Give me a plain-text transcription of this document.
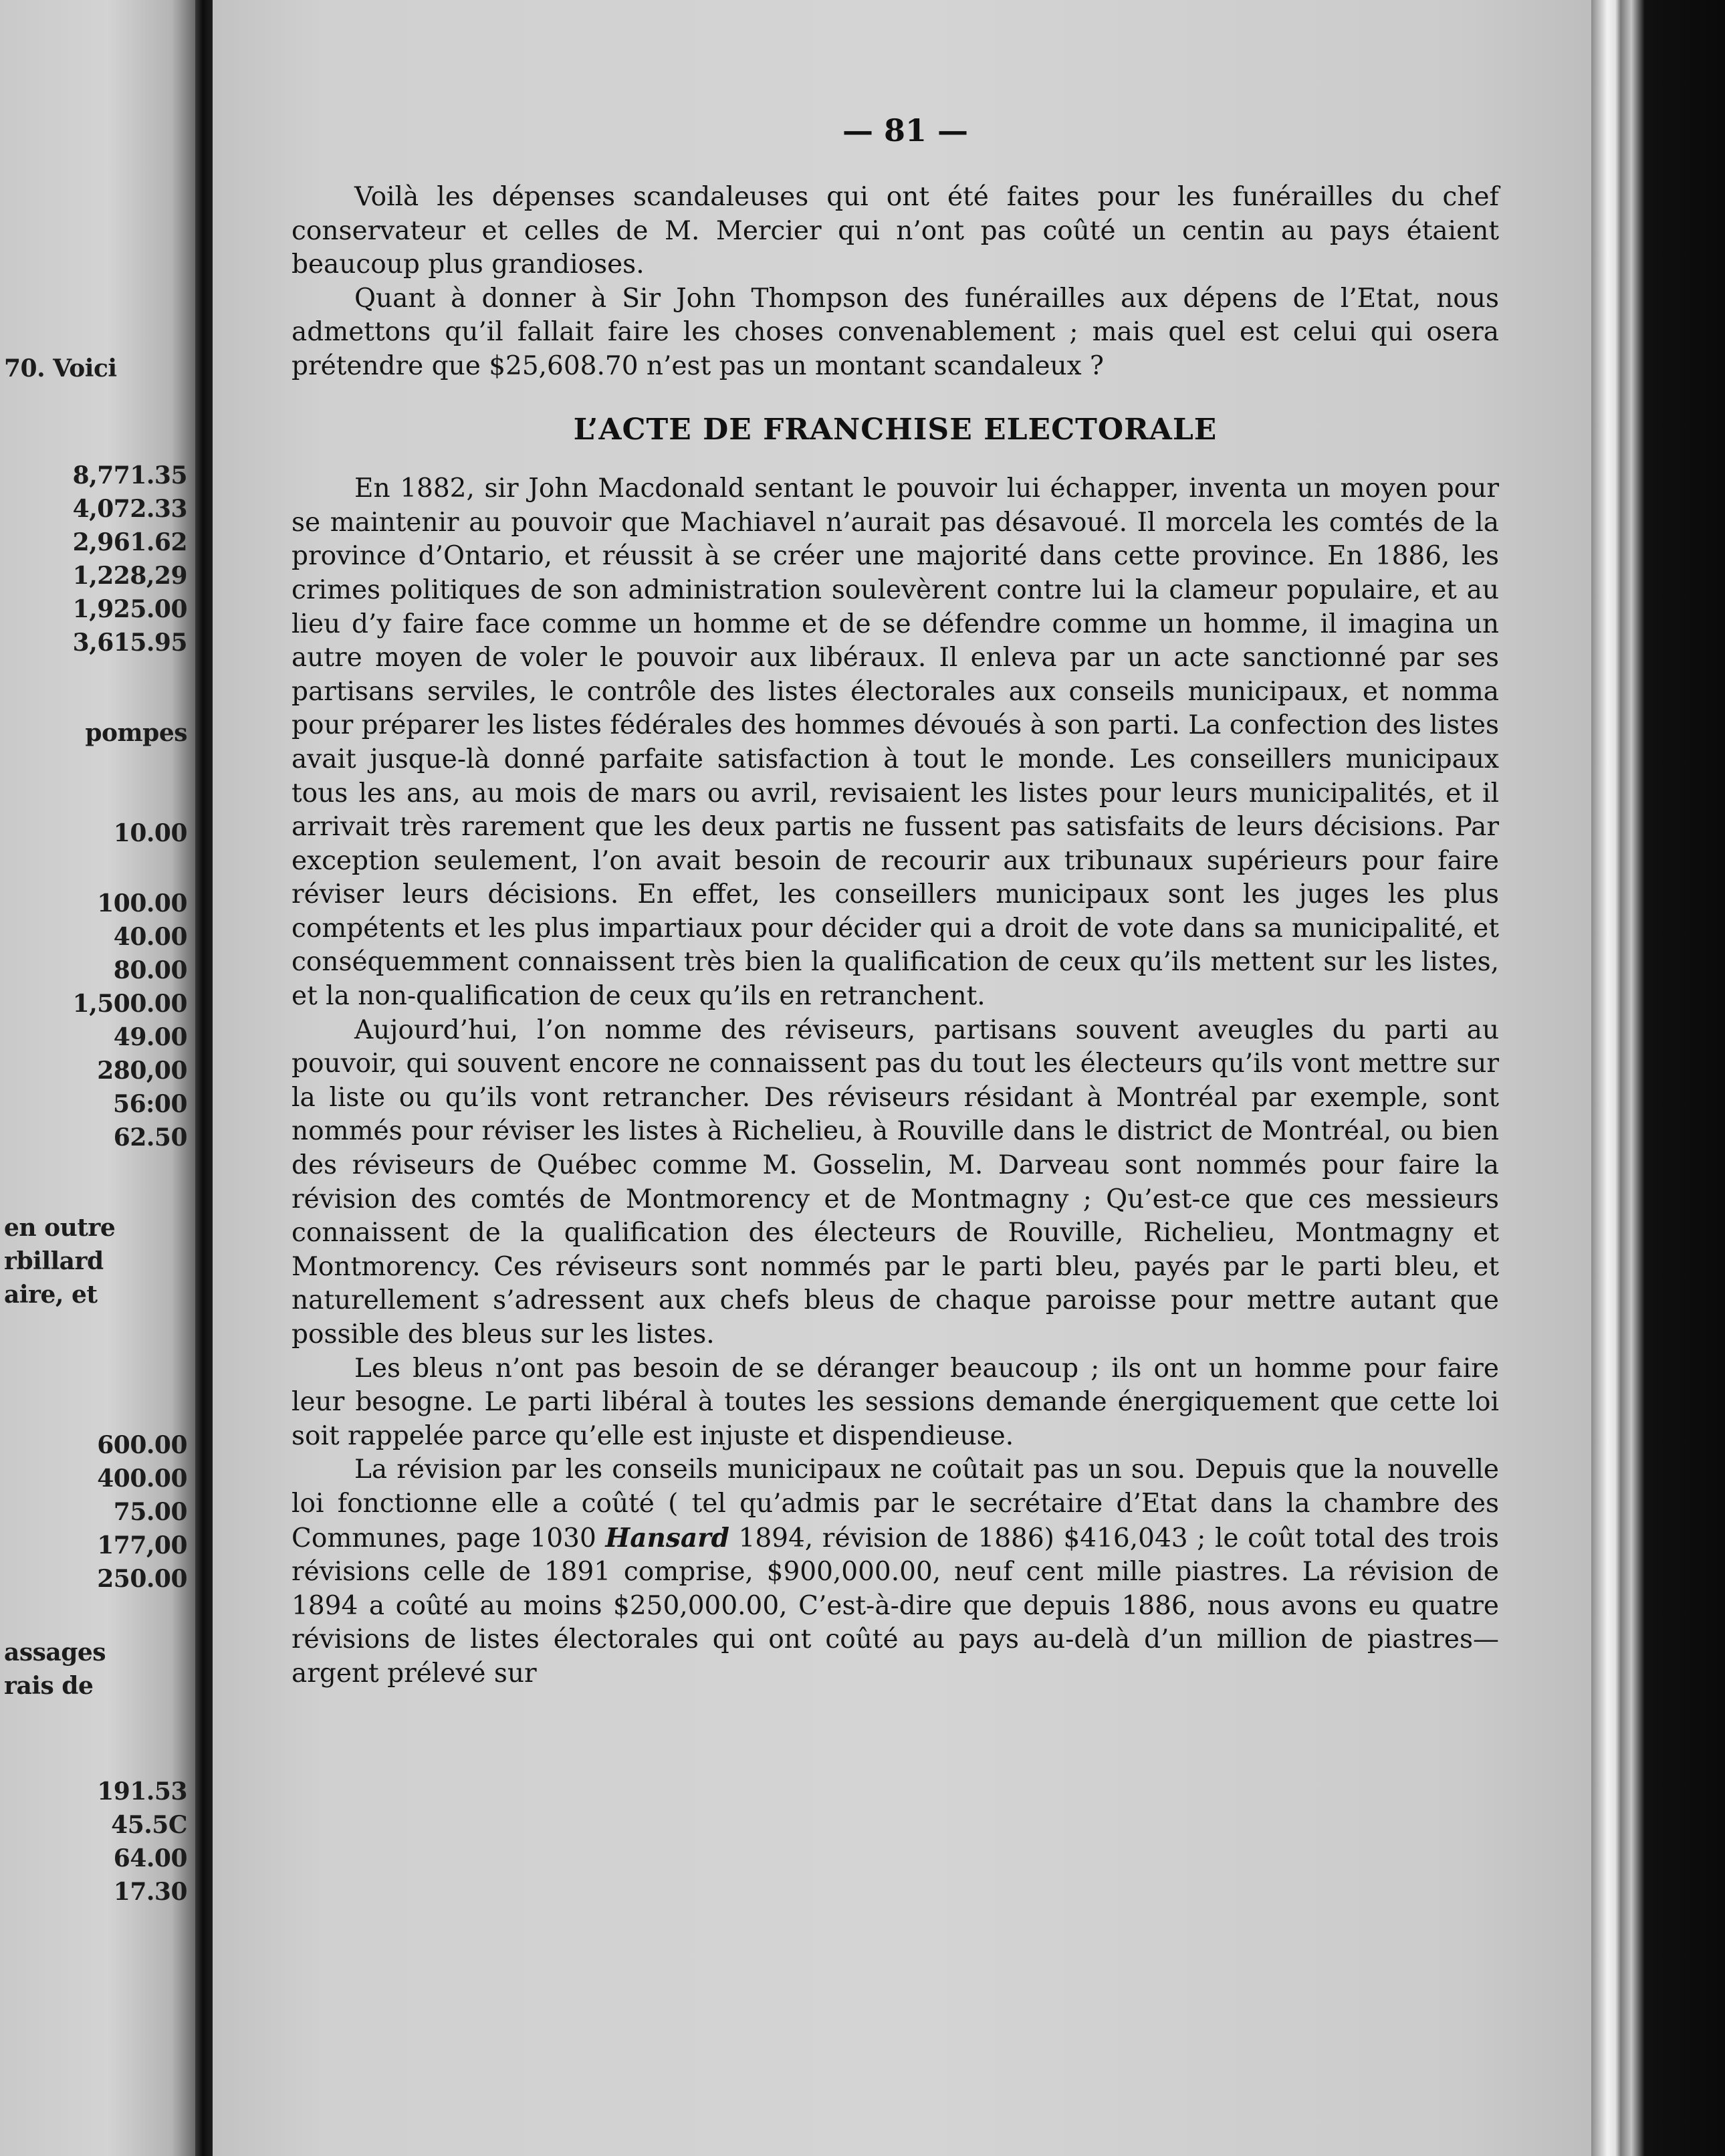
70. Voici
8,771.35
4,072.33
2,961.62
1,228,29
1,925.00
3,615.95
pompes
10.00
100.00
40.00
80.00
1,500.00
49.00
280,00
56:00
62.50
en outre
rbillard
aire, et
600.00
400.00
75.00
177,00
250.00
assages
rais de
191.53
45.5C
64.00
17.30
— 81 —

Voilà les dépenses scandaleuses qui ont été faites pour les funérailles du chef conservateur et celles de M. Mercier qui n’ont pas coûté un centin au pays étaient beaucoup plus grandioses.

Quant à donner à Sir John Thompson des funérailles aux dépens de l’Etat, nous admettons qu’il fallait faire les choses convenablement ; mais quel est celui qui osera prétendre que $25,608.70 n’est pas un montant scandaleux ?

L’ACTE DE FRANCHISE ELECTORALE

En 1882, sir John Macdonald sentant le pouvoir lui échapper, inventa un moyen pour se maintenir au pouvoir que Machiavel n’aurait pas désavoué. Il morcela les comtés de la province d’Ontario, et réussit à se créer une majorité dans cette province. En 1886, les crimes politiques de son administration soulevèrent contre lui la clameur populaire, et au lieu d’y faire face comme un homme et de se défendre comme un homme, il imagina un autre moyen de voler le pouvoir aux libéraux. Il enleva par un acte sanctionné par ses partisans serviles, le contrôle des listes électorales aux conseils municipaux, et nomma pour préparer les listes fédérales des hommes dévoués à son parti. La confection des listes avait jusque-là donné parfaite satisfaction à tout le monde. Les conseillers municipaux tous les ans, au mois de mars ou avril, revisaient les listes pour leurs municipalités, et il arrivait très rarement que les deux partis ne fussent pas satisfaits de leurs décisions. Par exception seulement, l’on avait besoin de recourir aux tribunaux supérieurs pour faire réviser leurs décisions. En effet, les conseillers municipaux sont les juges les plus compétents et les plus impartiaux pour décider qui a droit de vote dans sa municipalité, et conséquemment connaissent très bien la qualification de ceux qu’ils mettent sur les listes, et la non-qualification de ceux qu’ils en retranchent.

Aujourd’hui, l’on nomme des réviseurs, partisans souvent aveugles du parti au pouvoir, qui souvent encore ne connaissent pas du tout les électeurs qu’ils vont mettre sur la liste ou qu’ils vont retrancher. Des réviseurs résidant à Montréal par exemple, sont nommés pour réviser les listes à Richelieu, à Rouville dans le district de Montréal, ou bien des réviseurs de Québec comme M. Gosselin, M. Darveau sont nommés pour faire la révision des comtés de Montmorency et de Montmagny ; Qu’est-ce que ces messieurs connaissent de la qualification des électeurs de Rouville, Richelieu, Montmagny et Montmorency. Ces réviseurs sont nommés par le parti bleu, payés par le parti bleu, et naturellement s’adressent aux chefs bleus de chaque paroisse pour mettre autant que possible des bleus sur les listes.

Les bleus n’ont pas besoin de se déranger beaucoup ; ils ont un homme pour faire leur besogne. Le parti libéral à toutes les sessions demande énergiquement que cette loi soit rappelée parce qu’elle est injuste et dispendieuse.

La révision par les conseils municipaux ne coûtait pas un sou. Depuis que la nouvelle loi fonctionne elle a coûté ( tel qu’admis par le secrétaire d’Etat dans la chambre des Communes, page 1030 Hansard 1894, révision de 1886) $416,043 ; le coût total des trois révisions celle de 1891 comprise, $900,000.00, neuf cent mille piastres. La révision de 1894 a coûté au moins $250,000.00, C’est-à-dire que depuis 1886, nous avons eu quatre révisions de listes électorales qui ont coûté au pays au-delà d’un million de piastres—argent prélevé sur
